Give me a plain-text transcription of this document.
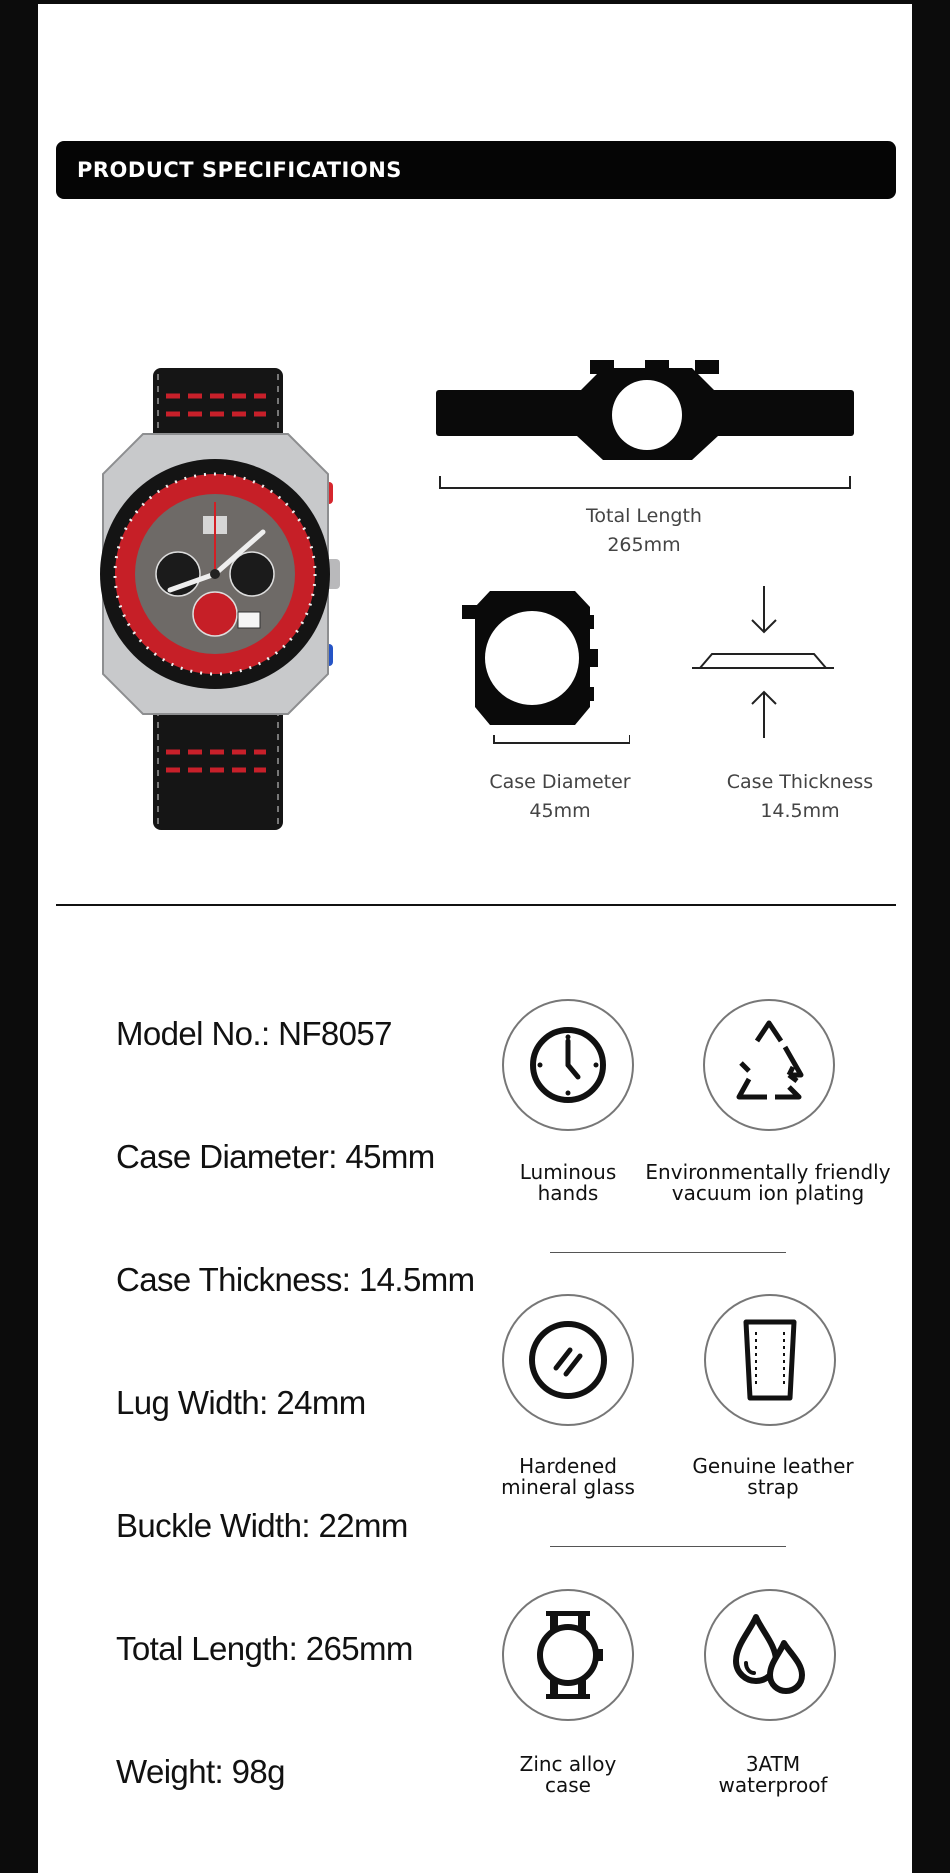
PRODUCT SPECIFICATIONS
Total Length
265mm
Case Diameter
45mm
Case Thickness
14.5mm
Model No.: NF8057
Case Diameter: 45mm
Case Thickness: 14.5mm
Lug Width: 24mm
Buckle Width: 22mm
Total Length: 265mm
Weight: 98g
Luminous
hands
Environmentally friendly
vacuum ion plating
Hardened
mineral glass
Genuine leather
strap
Zinc alloy
case
3ATM
waterproof
